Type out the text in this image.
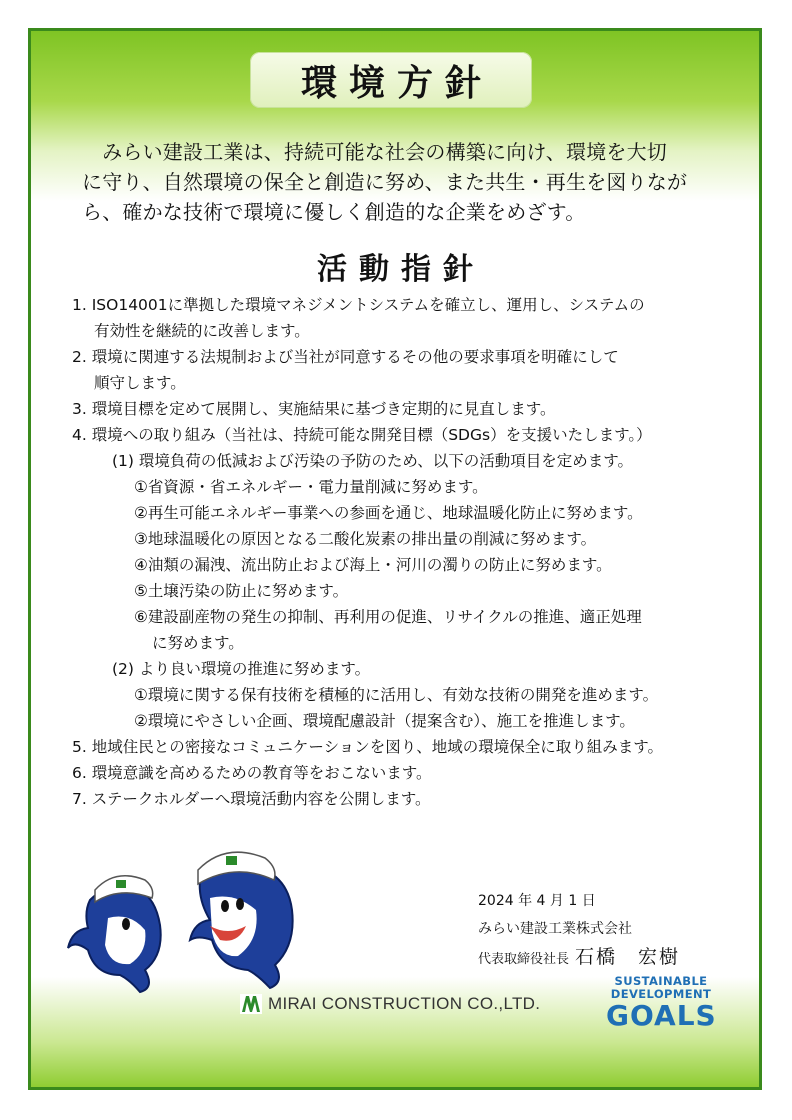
環境方針
　みらい建設工業は、持続可能な社会の構築に向け、環境を大切
に守り、自然環境の保全と創造に努め、また共生・再生を図りなが
ら、確かな技術で環境に優しく創造的な企業をめざす。
活動指針
1. ISO14001に準拠した環境マネジメントシステムを確立し、運用し、システムの
有効性を継続的に改善します。
2. 環境に関連する法規制および当社が同意するその他の要求事項を明確にして
順守します。
3. 環境目標を定めて展開し、実施結果に基づき定期的に見直します。
4. 環境への取り組み（当社は、持続可能な開発目標（SDGs）を支援いたします。）
(1) 環境負荷の低減および汚染の予防のため、以下の活動項目を定めます。
①省資源・省エネルギー・電力量削減に努めます。
②再生可能エネルギー事業への参画を通じ、地球温暖化防止に努めます。
③地球温暖化の原因となる二酸化炭素の排出量の削減に努めます。
④油類の漏洩、流出防止および海上・河川の濁りの防止に努めます。
⑤土壌汚染の防止に努めます。
⑥建設副産物の発生の抑制、再利用の促進、リサイクルの推進、適正処理
に努めます。
(2) より良い環境の推進に努めます。
①環境に関する保有技術を積極的に活用し、有効な技術の開発を進めます。
②環境にやさしい企画、環境配慮設計（提案含む）、施工を推進します。
5. 地域住民との密接なコミュニケーションを図り、地域の環境保全に取り組みます。
6. 環境意識を高めるための教育等をおこないます。
7. ステークホルダーへ環境活動内容を公開します。
2024 年 4 月 1 日
みらい建設工業株式会社
代表取締役社長 石橋　宏樹
MIRAI CONSTRUCTION CO.,LTD.
SUSTAINABLE
DEVELOPMENT
GOALS
